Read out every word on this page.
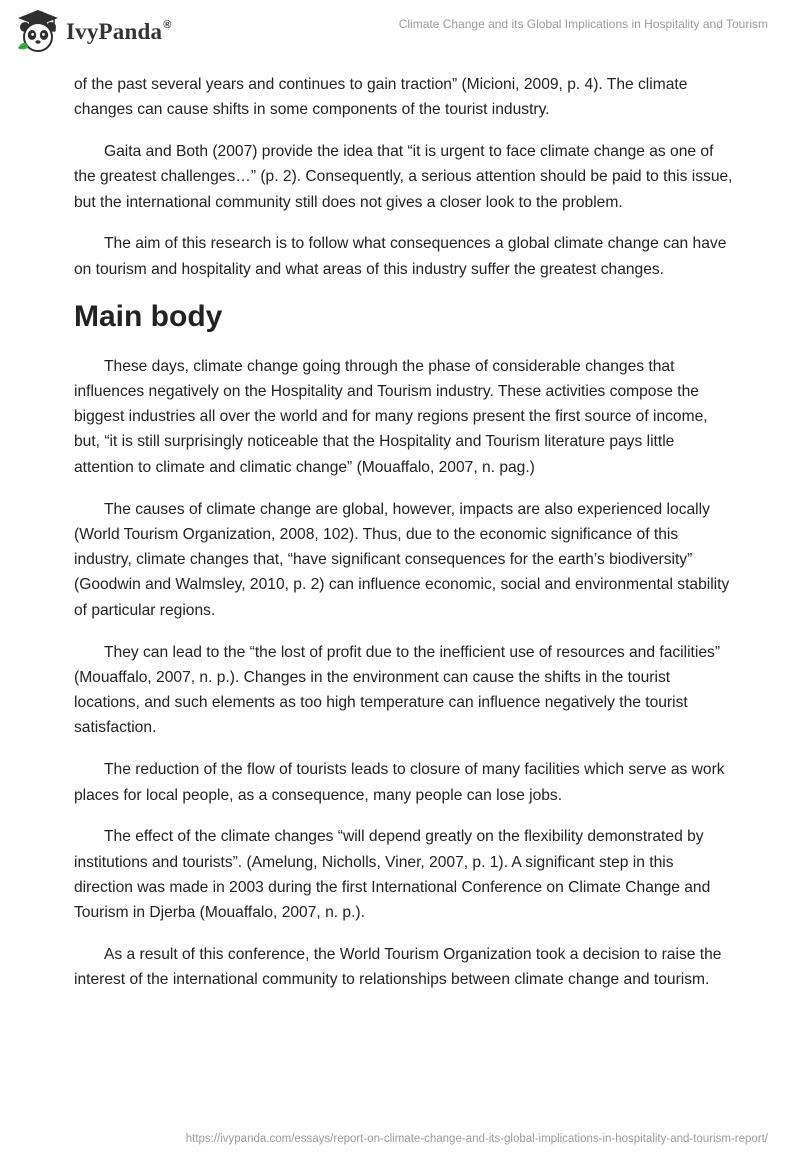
IvyPanda®	Climate Change and its Global Implications in Hospitality and Tourism

of the past several years and continues to gain traction” (Micioni, 2009, p. 4). The climate changes can cause shifts in some components of the tourist industry.

Gaita and Both (2007) provide the idea that “it is urgent to face climate change as one of the greatest challenges…” (p. 2). Consequently, a serious attention should be paid to this issue, but the international community still does not gives a closer look to the problem.

The aim of this research is to follow what consequences a global climate change can have on tourism and hospitality and what areas of this industry suffer the greatest changes.

Main body

These days, climate change going through the phase of considerable changes that influences negatively on the Hospitality and Tourism industry. These activities compose the biggest industries all over the world and for many regions present the first source of income, but, “it is still surprisingly noticeable that the Hospitality and Tourism literature pays little attention to climate and climatic change” (Mouaffalo, 2007, n. pag.)

The causes of climate change are global, however, impacts are also experienced locally (World Tourism Organization, 2008, 102). Thus, due to the economic significance of this industry, climate changes that, “have significant consequences for the earth’s biodiversity” (Goodwin and Walmsley, 2010, p. 2) can influence economic, social and environmental stability of particular regions.

They can lead to the “the lost of profit due to the inefficient use of resources and facilities” (Mouaffalo, 2007, n. p.). Changes in the environment can cause the shifts in the tourist locations, and such elements as too high temperature can influence negatively the tourist satisfaction.

The reduction of the flow of tourists leads to closure of many facilities which serve as work places for local people, as a consequence, many people can lose jobs.

The effect of the climate changes “will depend greatly on the flexibility demonstrated by institutions and tourists”. (Amelung, Nicholls, Viner, 2007, p. 1). A significant step in this direction was made in 2003 during the first International Conference on Climate Change and Tourism in Djerba (Mouaffalo, 2007, n. p.).

As a result of this conference, the World Tourism Organization took a decision to raise the interest of the international community to relationships between climate change and tourism.

https://ivypanda.com/essays/report-on-climate-change-and-its-global-implications-in-hospitality-and-tourism-report/
